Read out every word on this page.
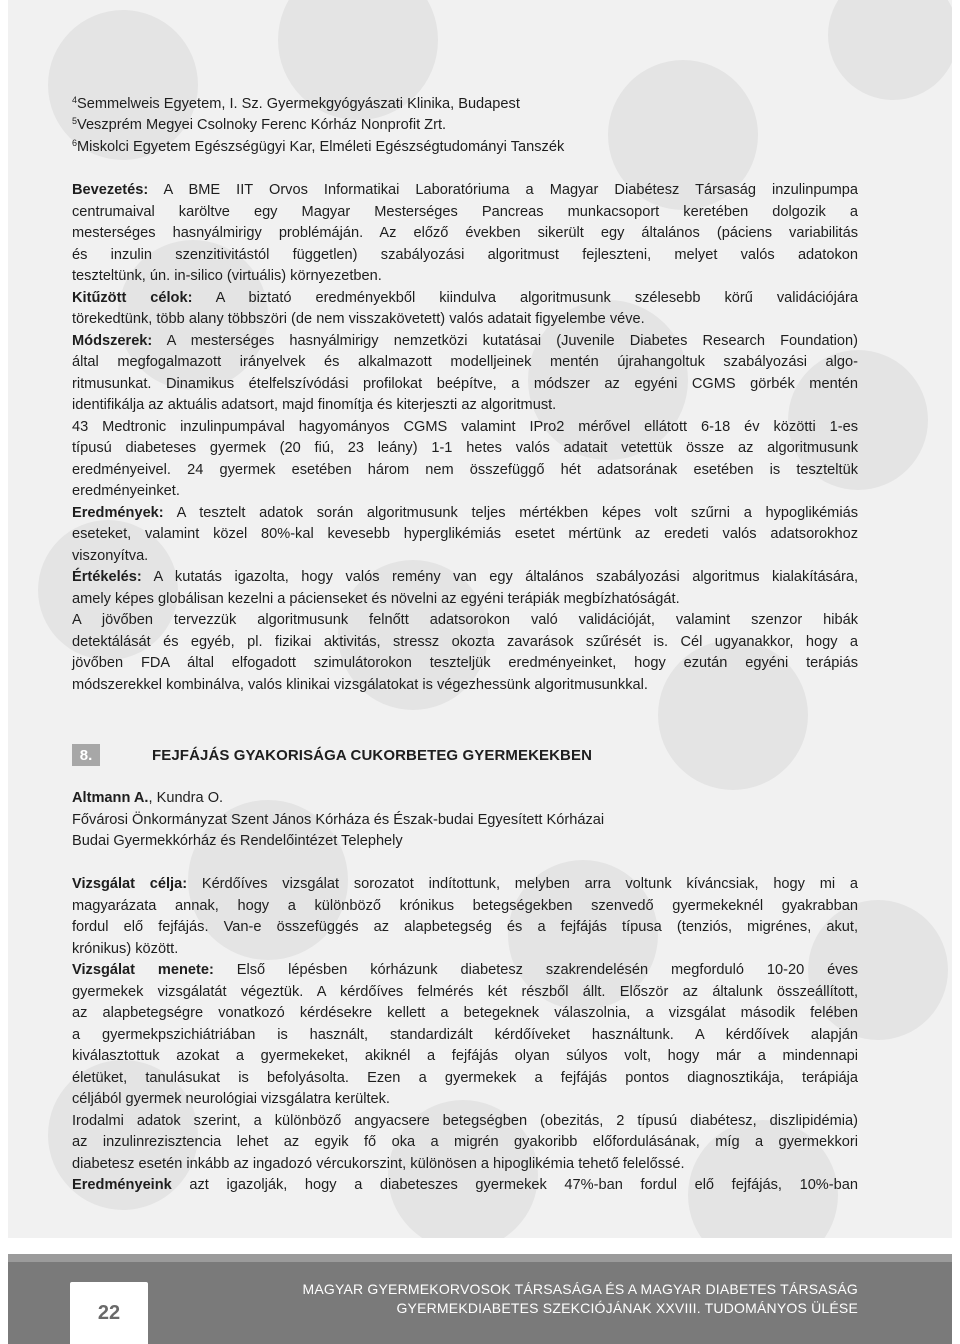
$^4$Semmelweis Egyetem, I. Sz. Gyermekgyógyászati Klinika, Budapest
$^5$Veszprém Megyei Csolnoky Ferenc Kórház Nonprofit Zrt.
$^6$Miskolci Egyetem Egészségügyi Kar, Elméleti Egészségtudományi Tanszék
Bevezetés: A BME IIT Orvos Informatikai Laboratóriuma a Magyar Diabétesz Társaság inzulinpumpa
centrumaival karöltve egy Magyar Mesterséges Pancreas munkacsoport keretében dolgozik a
mesterséges hasnyálmirigy problémáján. Az előző években sikerült egy általános (páciens variabilitás
és inzulin szenzitivitástól független) szabályozási algoritmust fejleszteni, melyet valós adatokon
teszteltünk, ún. in-silico (virtuális) környezetben.
Kitűzött célok: A biztató eredményekből kiindulva algoritmusunk szélesebb körű validációjára
törekedtünk, több alany többszöri (de nem visszakövetett) valós adatait figyelembe véve.
Módszerek: A mesterséges hasnyálmirigy nemzetközi kutatásai (Juvenile Diabetes Research Foundation)
által megfogalmazott irányelvek és alkalmazott modelljeinek mentén újrahangoltuk szabályozási algo-
ritmusunkat. Dinamikus ételfelszívódási profilokat beépítve, a módszer az egyéni CGMS görbék mentén
identifikálja az aktuális adatsort, majd finomítja és kiterjeszti az algoritmust.
43 Medtronic inzulinpumpával hagyományos CGMS valamint IPro2 mérővel ellátott 6-18 év közötti 1-es
típusú diabeteses gyermek (20 fiú, 23 leány) 1-1 hetes valós adatait vetettük össze az algoritmusunk
eredményeivel. 24 gyermek esetében három nem összefüggő hét adatsorának esetében is teszteltük
eredményeinket.
Eredmények: A tesztelt adatok során algoritmusunk teljes mértékben képes volt szűrni a hypoglikémiás
eseteket, valamint közel 80%-kal kevesebb hyperglikémiás esetet mértünk az eredeti valós adatsorokhoz
viszonyítva.
Értékelés: A kutatás igazolta, hogy valós remény van egy általános szabályozási algoritmus kialakítására,
amely képes globálisan kezelni a pácienseket és növelni az egyéni terápiák megbízhatóságát.
A jövőben tervezzük algoritmusunk felnőtt adatsorokon való validációját, valamint szenzor hibák
detektálását és egyéb, pl. fizikai aktivitás, stressz okozta zavarások szűrését is. Cél ugyanakkor, hogy a
jövőben FDA által elfogadott szimulátorokon teszteljük eredményeinket, hogy ezután egyéni terápiás
módszerekkel kombinálva, valós klinikai vizsgálatokat is végezhessünk algoritmusunkkal.
8.	FEJFÁJÁS GYAKORISÁGA CUKORBETEG GYERMEKEKBEN
Altmann A., Kundra O.
Fővárosi Önkormányzat Szent János Kórháza és Észak-budai Egyesített Kórházai
Budai Gyermekkórház és Rendelőintézet Telephely
Vizsgálat célja: Kérdőíves vizsgálat sorozatot indítottunk, melyben arra voltunk kíváncsiak, hogy mi a
magyarázata annak, hogy a különböző krónikus betegségekben szenvedő gyermekeknél gyakrabban
fordul elő fejfájás. Van-e összefüggés az alapbetegség és a fejfájás típusa (tenziós, migrénes, akut,
krónikus) között.
Vizsgálat menete: Első lépésben kórházunk diabetesz szakrendelésén megforduló 10-20 éves
gyermekek vizsgálatát végeztük. A kérdőíves felmérés két részből állt. Először az általunk összeállított,
az alapbetegségre vonatkozó kérdésekre kellett a betegeknek válaszolnia, a vizsgálat második felében
a gyermekpszichiátriában is használt, standardizált kérdőíveket használtunk. A kérdőívek alapján
kiválasztottuk azokat a gyermekeket, akiknél a fejfájás olyan súlyos volt, hogy már a mindennapi
életüket, tanulásukat is befolyásolta. Ezen a gyermekek a fejfájás pontos diagnosztikája, terápiája
céljából gyermek neurológiai vizsgálatra kerültek.
Irodalmi adatok szerint, a különböző angyacsere betegségben (obezitás, 2 típusú diabétesz, diszlipidémia)
az inzulinrezisztencia lehet az egyik fő oka a migrén gyakoribb előfordulásának, míg a gyermekkori
diabetesz esetén inkább az ingadozó vércukorszint, különösen a hipoglikémia tehető felelőssé.
Eredményeink azt igazolják, hogy a diabeteszes gyermekek 47%-ban fordul elő fejfájás, 10%-ban
22
MAGYAR GYERMEKORVOSOK TÁRSASÁGA ÉS A MAGYAR DIABETES TÁRSASÁG
GYERMEKDIABETES SZEKCIÓJÁNAK XXVIII. TUDOMÁNYOS ÜLÉSE
